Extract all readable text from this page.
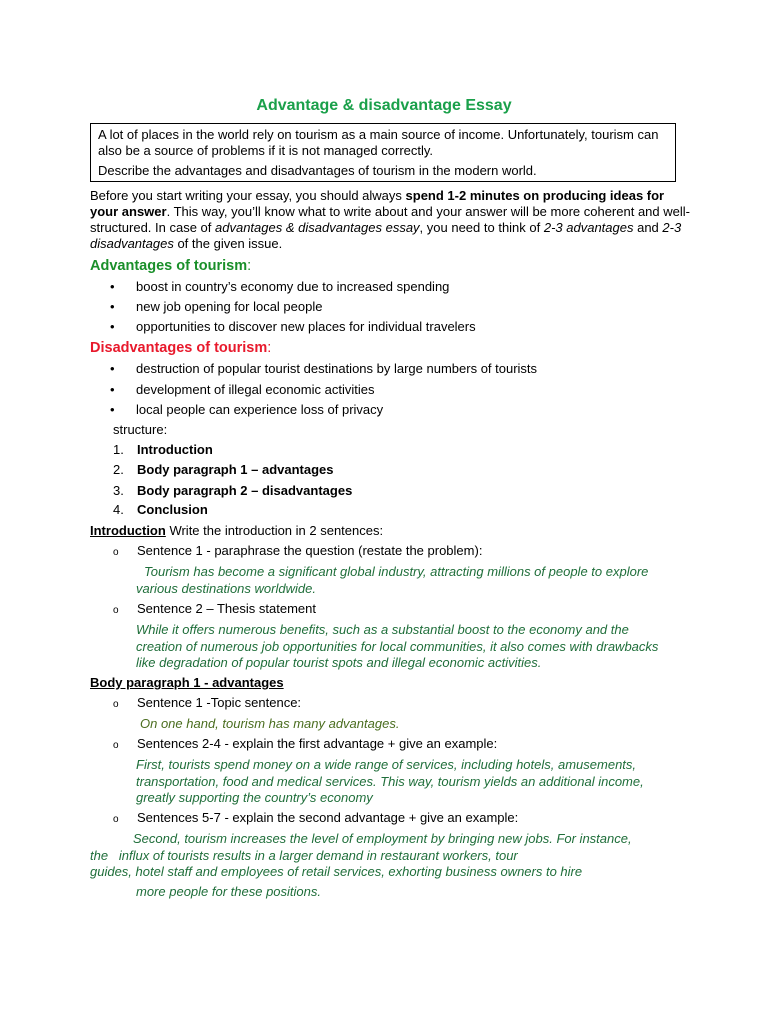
Advantage & disadvantage Essay

A lot of places in the world rely on tourism as a main source of income. Unfortunately, tourism can also be a source of problems if it is not managed correctly.

Describe the advantages and disadvantages of tourism in the modern world.

Before you start writing your essay, you should always spend 1-2 minutes on producing ideas for your answer. This way, you’ll know what to write about and your answer will be more coherent and well-structured. In case of advantages & disadvantages essay, you need to think of 2-3 advantages and 2-3 disadvantages of the given issue.

Advantages of tourism:
• boost in country’s economy due to increased spending
• new job opening for local people
• opportunities to discover new places for individual travelers
Disadvantages of tourism:
• destruction of popular tourist destinations by large numbers of tourists
• development of illegal economic activities
• local people can experience loss of privacy
structure:
1. Introduction
2. Body paragraph 1 – advantages
3. Body paragraph 2 – disadvantages
4. Conclusion
Introduction Write the introduction in 2 sentences:
o Sentence 1 - paraphrase the question (restate the problem):
Tourism has become a significant global industry, attracting millions of people to explore various destinations worldwide.
o Sentence 2 – Thesis statement
While it offers numerous benefits, such as a substantial boost to the economy and the creation of numerous job opportunities for local communities, it also comes with drawbacks like degradation of popular tourist spots and illegal economic activities.
Body paragraph 1 - advantages
o Sentence 1 -Topic sentence:
On one hand, tourism has many advantages.
o Sentences 2-4 - explain the first advantage + give an example:
First, tourists spend money on a wide range of services, including hotels, amusements, transportation, food and medical services. This way, tourism yields an additional income, greatly supporting the country’s economy
o Sentences 5-7 - explain the second advantage + give an example:
Second, tourism increases the level of employment by bringing new jobs. For instance,
the   influx of tourists results in a larger demand in restaurant workers, tour
guides, hotel staff and employees of retail services, exhorting business owners to hire
more people for these positions.
